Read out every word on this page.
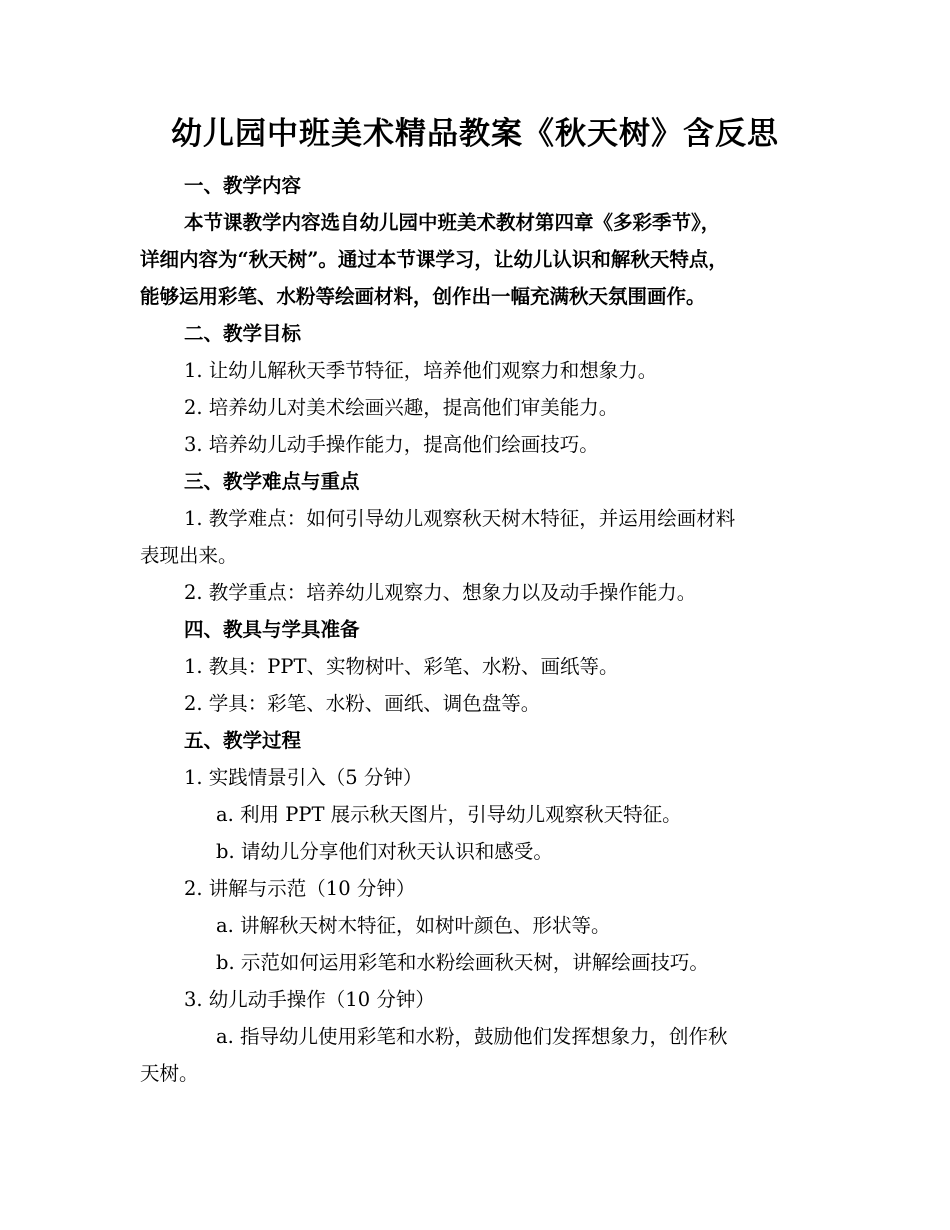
幼儿园中班美术精品教案《秋天树》含反思
一、教学内容
本节课教学内容选自幼儿园中班美术教材第四章《多彩季节》，
详细内容为“秋天树”。通过本节课学习，让幼儿认识和解秋天特点，
能够运用彩笔、水粉等绘画材料，创作出一幅充满秋天氛围画作。
二、教学目标
1. 让幼儿解秋天季节特征，培养他们观察力和想象力。
2. 培养幼儿对美术绘画兴趣，提高他们审美能力。
3. 培养幼儿动手操作能力，提高他们绘画技巧。
三、教学难点与重点
1. 教学难点：如何引导幼儿观察秋天树木特征，并运用绘画材料
表现出来。
2. 教学重点：培养幼儿观察力、想象力以及动手操作能力。
四、教具与学具准备
1. 教具：PPT、实物树叶、彩笔、水粉、画纸等。
2. 学具：彩笔、水粉、画纸、调色盘等。
五、教学过程
1. 实践情景引入（5 分钟）
a. 利用 PPT 展示秋天图片，引导幼儿观察秋天特征。
b. 请幼儿分享他们对秋天认识和感受。
2. 讲解与示范（10 分钟）
a. 讲解秋天树木特征，如树叶颜色、形状等。
b. 示范如何运用彩笔和水粉绘画秋天树，讲解绘画技巧。
3. 幼儿动手操作（10 分钟）
a. 指导幼儿使用彩笔和水粉，鼓励他们发挥想象力，创作秋
天树。
